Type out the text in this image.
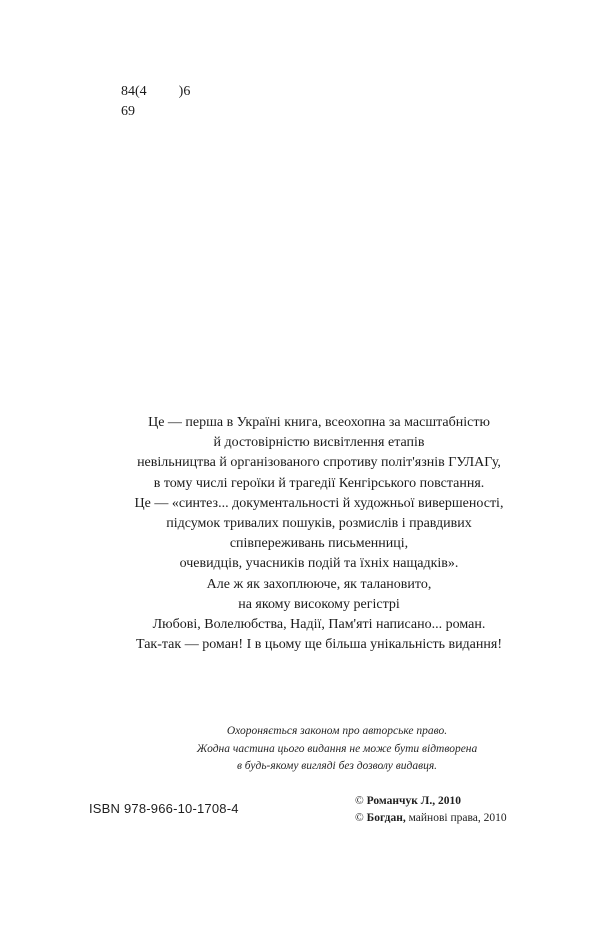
84(4 )6
69
Це — перша в Україні книга, всеохопна за масштабністю
й достовірністю висвітлення етапів
невільництва й організованого спротиву політ'язнів ГУЛАГу,
в тому числі героїки й трагедії Кенгірського повстання.
Це — «синтез... документальності й художньої вивершеності,
підсумок тривалих пошуків, розмислів і правдивих
співпереживань письменниці,
очевидців, учасників подій та їхніх нащадків».
Але ж як захоплююче, як талановито,
на якому високому регістрі
Любові, Волелюбства, Надії, Пам'яті написано... роман.
Так-так — роман! І в цьому ще більша унікальність видання!
Охороняється законом про авторське право.
Жодна частина цього видання не може бути відтворена
в будь-якому вигляді без дозволу видавця.
ISBN 978-966-10-1708-4	© Романчук Л., 2010
© Богдан, майнові права, 2010
